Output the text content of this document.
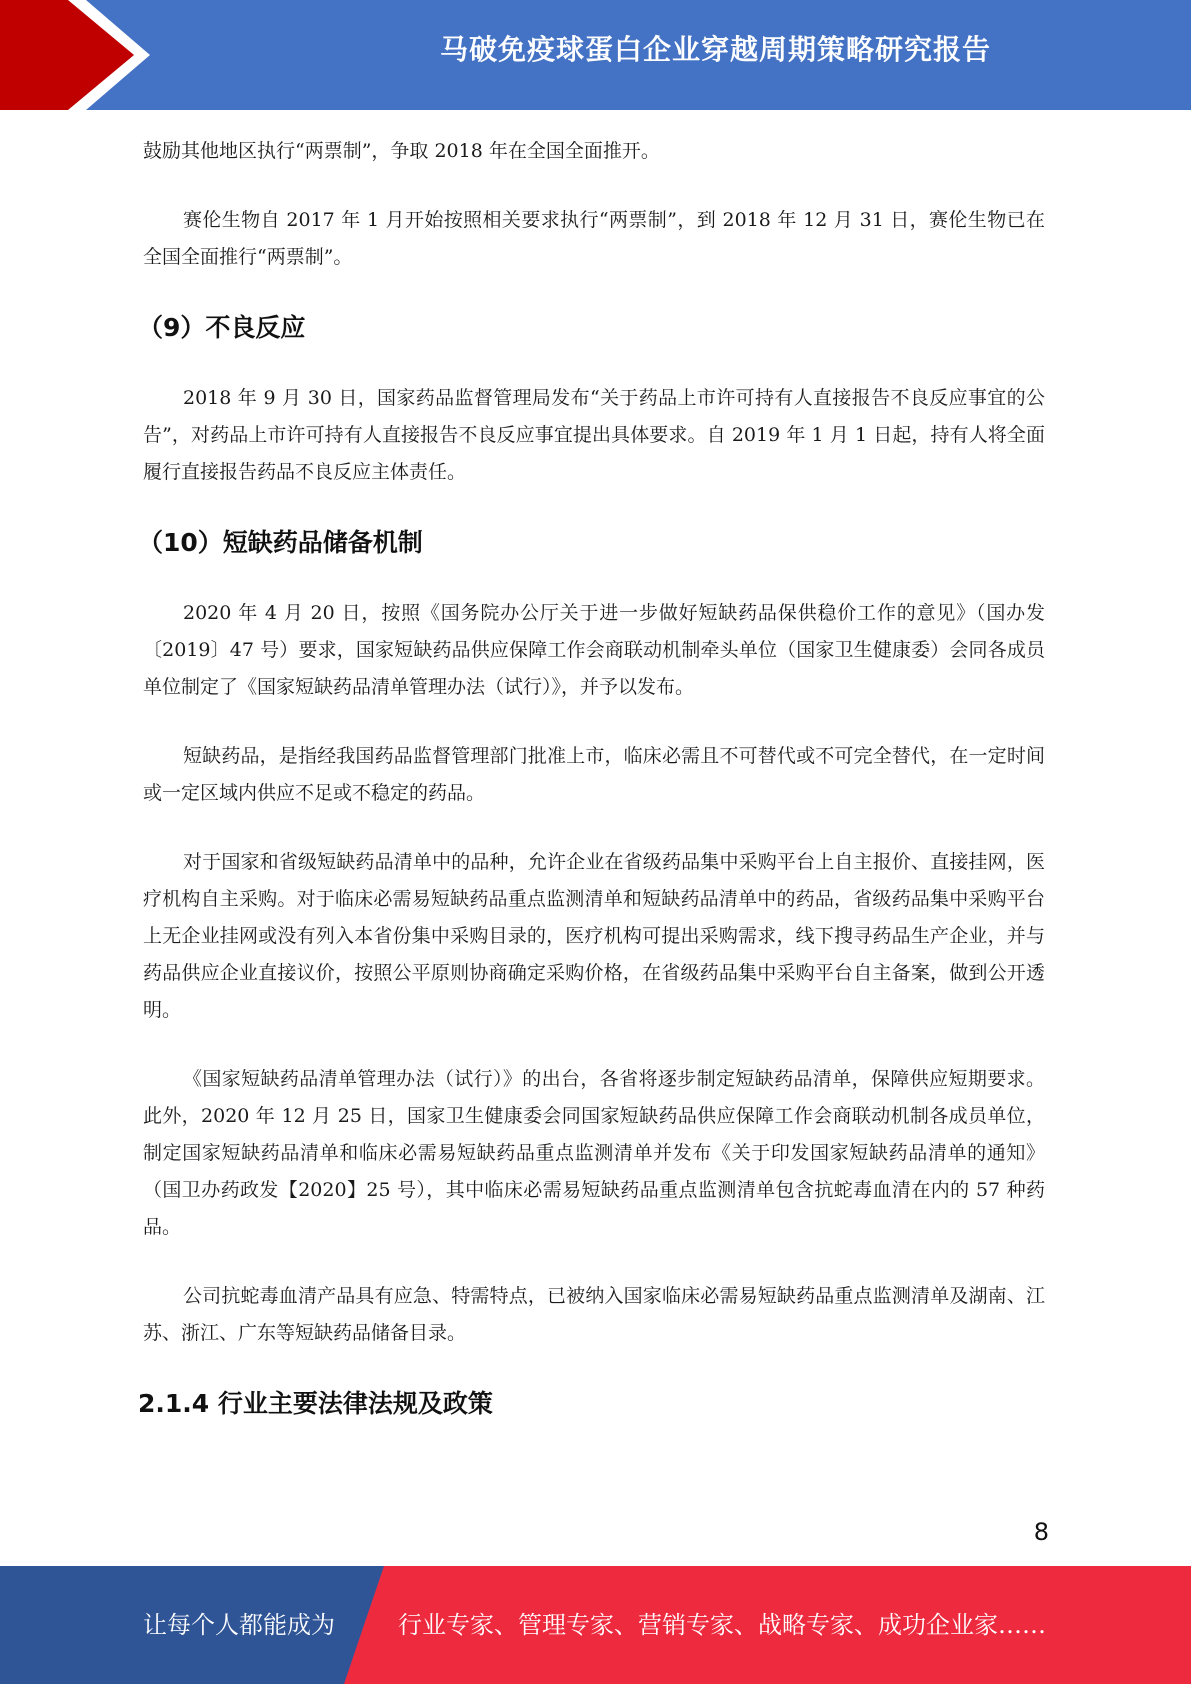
马破免疫球蛋白企业穿越周期策略研究报告

鼓励其他地区执行“两票制”，争取 2018 年在全国全面推开。

赛伦生物自 2017 年 1 月开始按照相关要求执行“两票制”，到 2018 年 12 月 31 日，赛伦生物已在全国全面推行“两票制”。

（9）不良反应

2018 年 9 月 30 日，国家药品监督管理局发布“关于药品上市许可持有人直接报告不良反应事宜的公告”，对药品上市许可持有人直接报告不良反应事宜提出具体要求。自 2019 年 1 月 1 日起，持有人将全面履行直接报告药品不良反应主体责任。

（10）短缺药品储备机制

2020 年 4 月 20 日，按照《国务院办公厅关于进一步做好短缺药品保供稳价工作的意见》（国办发〔2019〕47 号）要求，国家短缺药品供应保障工作会商联动机制牵头单位（国家卫生健康委）会同各成员单位制定了《国家短缺药品清单管理办法（试行）》，并予以发布。

短缺药品，是指经我国药品监督管理部门批准上市，临床必需且不可替代或不可完全替代，在一定时间或一定区域内供应不足或不稳定的药品。

对于国家和省级短缺药品清单中的品种，允许企业在省级药品集中采购平台上自主报价、直接挂网，医疗机构自主采购。对于临床必需易短缺药品重点监测清单和短缺药品清单中的药品，省级药品集中采购平台上无企业挂网或没有列入本省份集中采购目录的，医疗机构可提出采购需求，线下搜寻药品生产企业，并与药品供应企业直接议价，按照公平原则协商确定采购价格，在省级药品集中采购平台自主备案，做到公开透明。

《国家短缺药品清单管理办法（试行）》的出台，各省将逐步制定短缺药品清单，保障供应短期要求。此外，2020 年 12 月 25 日，国家卫生健康委会同国家短缺药品供应保障工作会商联动机制各成员单位，制定国家短缺药品清单和临床必需易短缺药品重点监测清单并发布《关于印发国家短缺药品清单的通知》（国卫办药政发【2020】25 号），其中临床必需易短缺药品重点监测清单包含抗蛇毒血清在内的 57 种药品。

公司抗蛇毒血清产品具有应急、特需特点，已被纳入国家临床必需易短缺药品重点监测清单及湖南、江苏、浙江、广东等短缺药品储备目录。

2.1.4 行业主要法律法规及政策
8
让每个人都能成为	行业专家、管理专家、营销专家、战略专家、成功企业家……
